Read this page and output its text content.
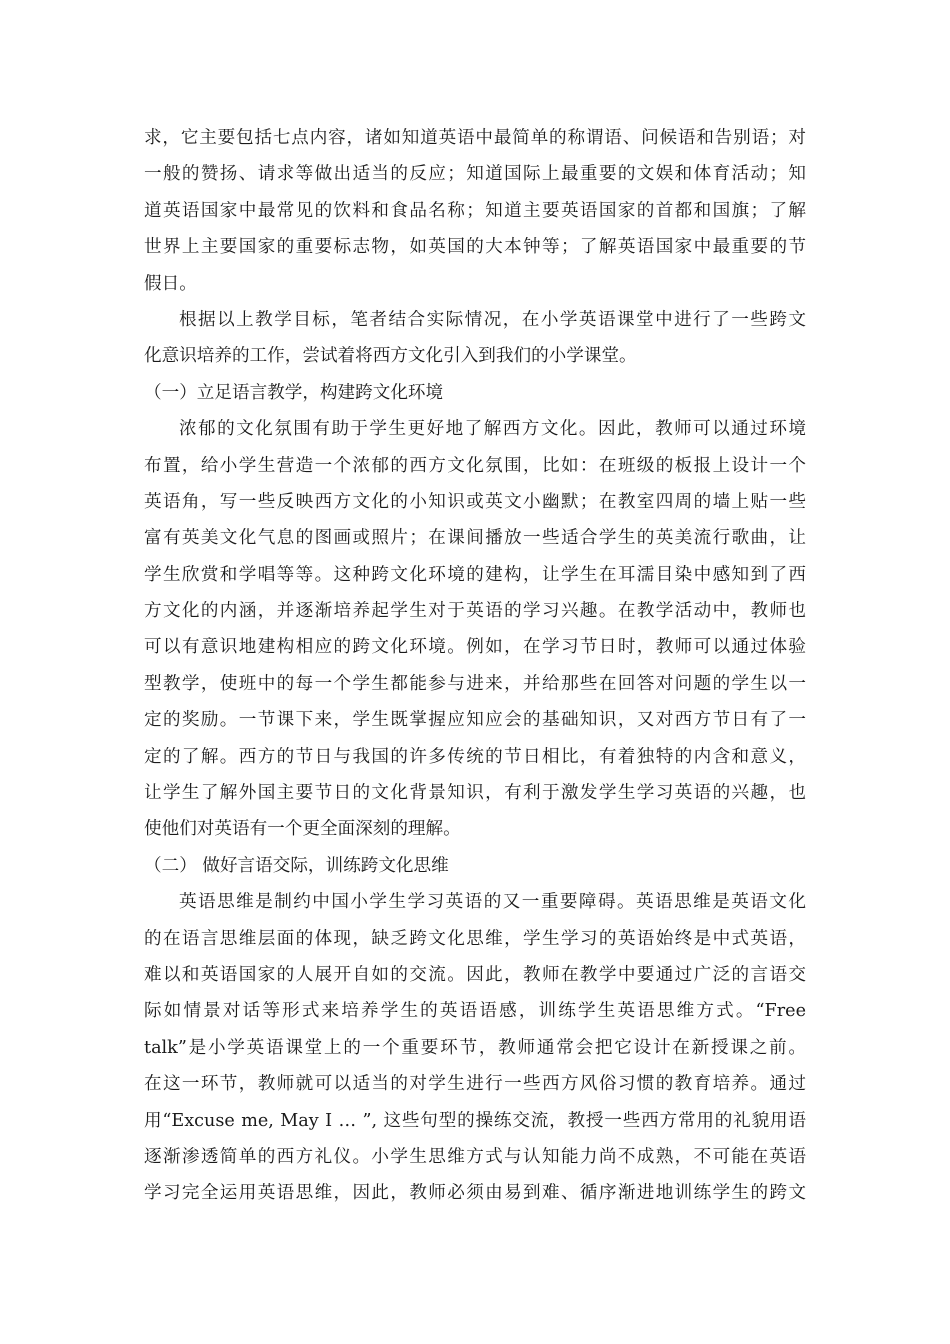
求，它主要包括七点内容，诸如知道英语中最简单的称谓语、问候语和告别语；对
一般的赞扬、请求等做出适当的反应；知道国际上最重要的文娱和体育活动；知
道英语国家中最常见的饮料和食品名称；知道主要英语国家的首都和国旗；了解
世界上主要国家的重要标志物，如英国的大本钟等；了解英语国家中最重要的节
假日。
根据以上教学目标，笔者结合实际情况，在小学英语课堂中进行了一些跨文
化意识培养的工作，尝试着将西方文化引入到我们的小学课堂。
（一）立足语言教学，构建跨文化环境
浓郁的文化氛围有助于学生更好地了解西方文化。因此，教师可以通过环境
布置，给小学生营造一个浓郁的西方文化氛围，比如：在班级的板报上设计一个
英语角，写一些反映西方文化的小知识或英文小幽默；在教室四周的墙上贴一些
富有英美文化气息的图画或照片；在课间播放一些适合学生的英美流行歌曲，让
学生欣赏和学唱等等。这种跨文化环境的建构，让学生在耳濡目染中感知到了西
方文化的内涵，并逐渐培养起学生对于英语的学习兴趣。在教学活动中，教师也
可以有意识地建构相应的跨文化环境。例如，在学习节日时，教师可以通过体验
型教学，使班中的每一个学生都能参与进来，并给那些在回答对问题的学生以一
定的奖励。一节课下来，学生既掌握应知应会的基础知识，又对西方节日有了一
定的了解。西方的节日与我国的许多传统的节日相比，有着独特的内含和意义，
让学生了解外国主要节日的文化背景知识，有利于激发学生学习英语的兴趣，也
使他们对英语有一个更全面深刻的理解。
（二） 做好言语交际，训练跨文化思维
英语思维是制约中国小学生学习英语的又一重要障碍。英语思维是英语文化
的在语言思维层面的体现，缺乏跨文化思维，学生学习的英语始终是中式英语，
难以和英语国家的人展开自如的交流。因此，教师在教学中要通过广泛的言语交
际如情景对话等形式来培养学生的英语语感，训练学生英语思维方式。“Free
talk”是小学英语课堂上的一个重要环节，教师通常会把它设计在新授课之前。
在这一环节，教师就可以适当的对学生进行一些西方风俗习惯的教育培养。通过
用“Excuse me, May I … ”, 这些句型的操练交流，教授一些西方常用的礼貌用语
逐渐渗透简单的西方礼仪。小学生思维方式与认知能力尚不成熟，不可能在英语
学习完全运用英语思维，因此，教师必须由易到难、循序渐进地训练学生的跨文
